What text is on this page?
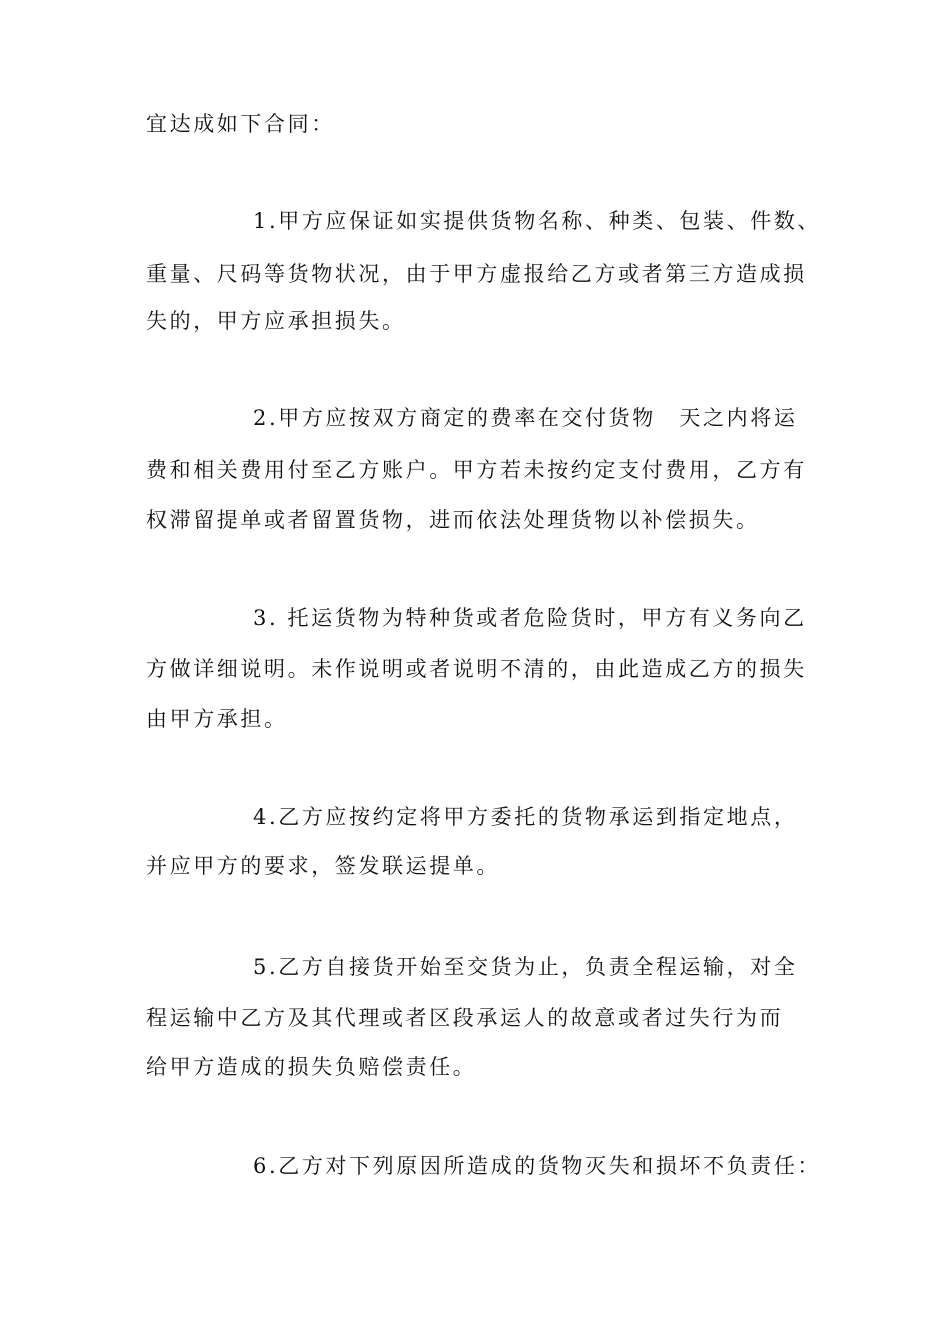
宜达成如下合同：
1.甲方应保证如实提供货物名称、种类、包装、件数、
重量、尺码等货物状况，由于甲方虚报给乙方或者第三方造成损
失的，甲方应承担损失。
2.甲方应按双方商定的费率在交付货物　天之内将运
费和相关费用付至乙方账户。甲方若未按约定支付费用，乙方有
权滞留提单或者留置货物，进而依法处理货物以补偿损失。
3. 托运货物为特种货或者危险货时，甲方有义务向乙
方做详细说明。未作说明或者说明不清的，由此造成乙方的损失
由甲方承担。
4.乙方应按约定将甲方委托的货物承运到指定地点，
并应甲方的要求，签发联运提单。
5.乙方自接货开始至交货为止，负责全程运输，对全
程运输中乙方及其代理或者区段承运人的故意或者过失行为而
给甲方造成的损失负赔偿责任。
6.乙方对下列原因所造成的货物灭失和损坏不负责任：
